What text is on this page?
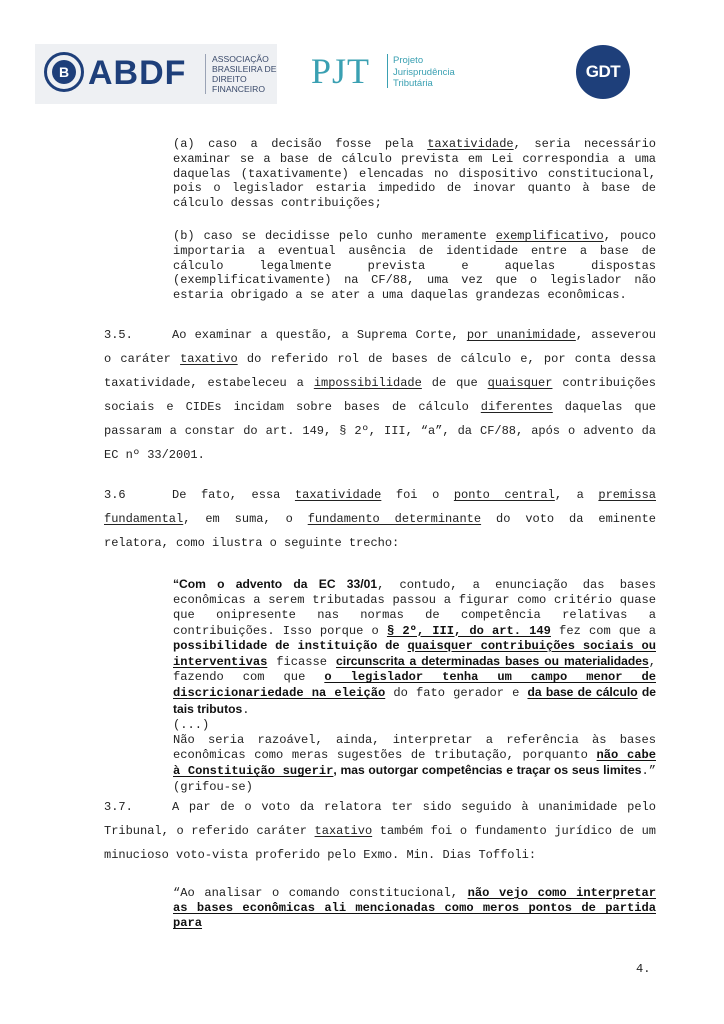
B ABDF	ASSOCIAÇÃO BRASILEIRA DE DIREITO FINANCEIRO	PJT Projeto Jurisprudência Tributária
GDT

(a) caso a decisão fosse pela taxatividade, seria necessário examinar se a base de cálculo prevista em Lei correspondia a uma daquelas (taxativamente) elencadas no dispositivo constitucional, pois o legislador estaria impedido de inovar quanto à base de cálculo dessas contribuições;

(b) caso se decidisse pelo cunho meramente exemplificativo, pouco importaria a eventual ausência de identidade entre a base de cálculo legalmente prevista e aquelas dispostas (exemplificativamente) na CF/88, uma vez que o legislador não estaria obrigado a se ater a uma daquelas grandezas econômicas.

3.5.	Ao examinar a questão, a Suprema Corte, por unanimidade, asseverou o caráter taxativo do referido rol de bases de cálculo e, por conta dessa taxatividade, estabeleceu a impossibilidade de que quaisquer contribuições sociais e CIDEs incidam sobre bases de cálculo diferentes daquelas que passaram a constar do art. 149, § 2º, III, “a”, da CF/88, após o advento da EC nº 33/2001.

3.6	De fato, essa taxatividade foi o ponto central, a premissa fundamental, em suma, o fundamento determinante do voto da eminente relatora, como ilustra o seguinte trecho:

“Com o advento da EC 33/01, contudo, a enunciação das bases econômicas a serem tributadas passou a figurar como critério quase que onipresente nas normas de competência relativas a contribuições. Isso porque o § 2º, III, do art. 149 fez com que a possibilidade de instituição de quaisquer contribuições sociais ou interventivas ficasse circunscrita a determinadas bases ou materialidades, fazendo com que o legislador tenha um campo menor de discricionariedade na eleição do fato gerador e da base de cálculo de tais tributos.

(...)

Não seria razoável, ainda, interpretar a referência às bases econômicas como meras sugestões de tributação, porquanto não cabe à Constituição sugerir, mas outorgar competências e traçar os seus limites.” (grifou-se)

3.7.	A par de o voto da relatora ter sido seguido à unanimidade pelo Tribunal, o referido caráter taxativo também foi o fundamento jurídico de um minucioso voto-vista proferido pelo Exmo. Min. Dias Toffoli:

“Ao analisar o comando constitucional, não vejo como interpretar as bases econômicas ali mencionadas como meros pontos de partida para

4.
